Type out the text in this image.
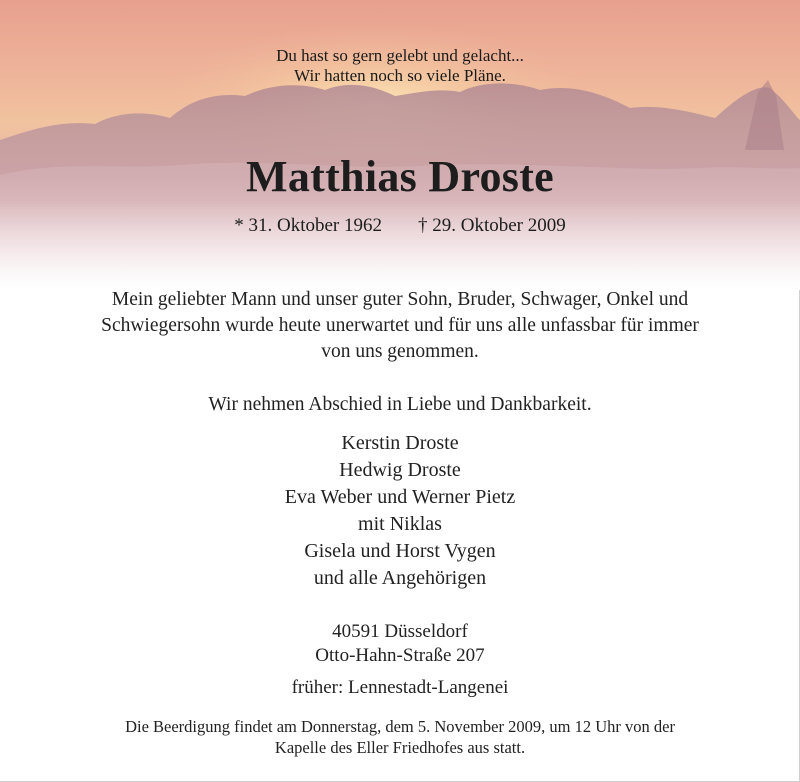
Du hast so gern gelebt und gelacht...
Wir hatten noch so viele Pläne.
Matthias Droste
* 31. Oktober 1962 † 29. Oktober 2009
Mein geliebter Mann und unser guter Sohn, Bruder, Schwager, Onkel und
Schwiegersohn wurde heute unerwartet und für uns alle unfassbar für immer
von uns genommen.
Wir nehmen Abschied in Liebe und Dankbarkeit.
Kerstin Droste
Hedwig Droste
Eva Weber und Werner Pietz
mit Niklas
Gisela und Horst Vygen
und alle Angehörigen
40591 Düsseldorf
Otto-Hahn-Straße 207
früher: Lennestadt-Langenei
Die Beerdigung findet am Donnerstag, dem 5. November 2009, um 12 Uhr von der
Kapelle des Eller Friedhofes aus statt.
